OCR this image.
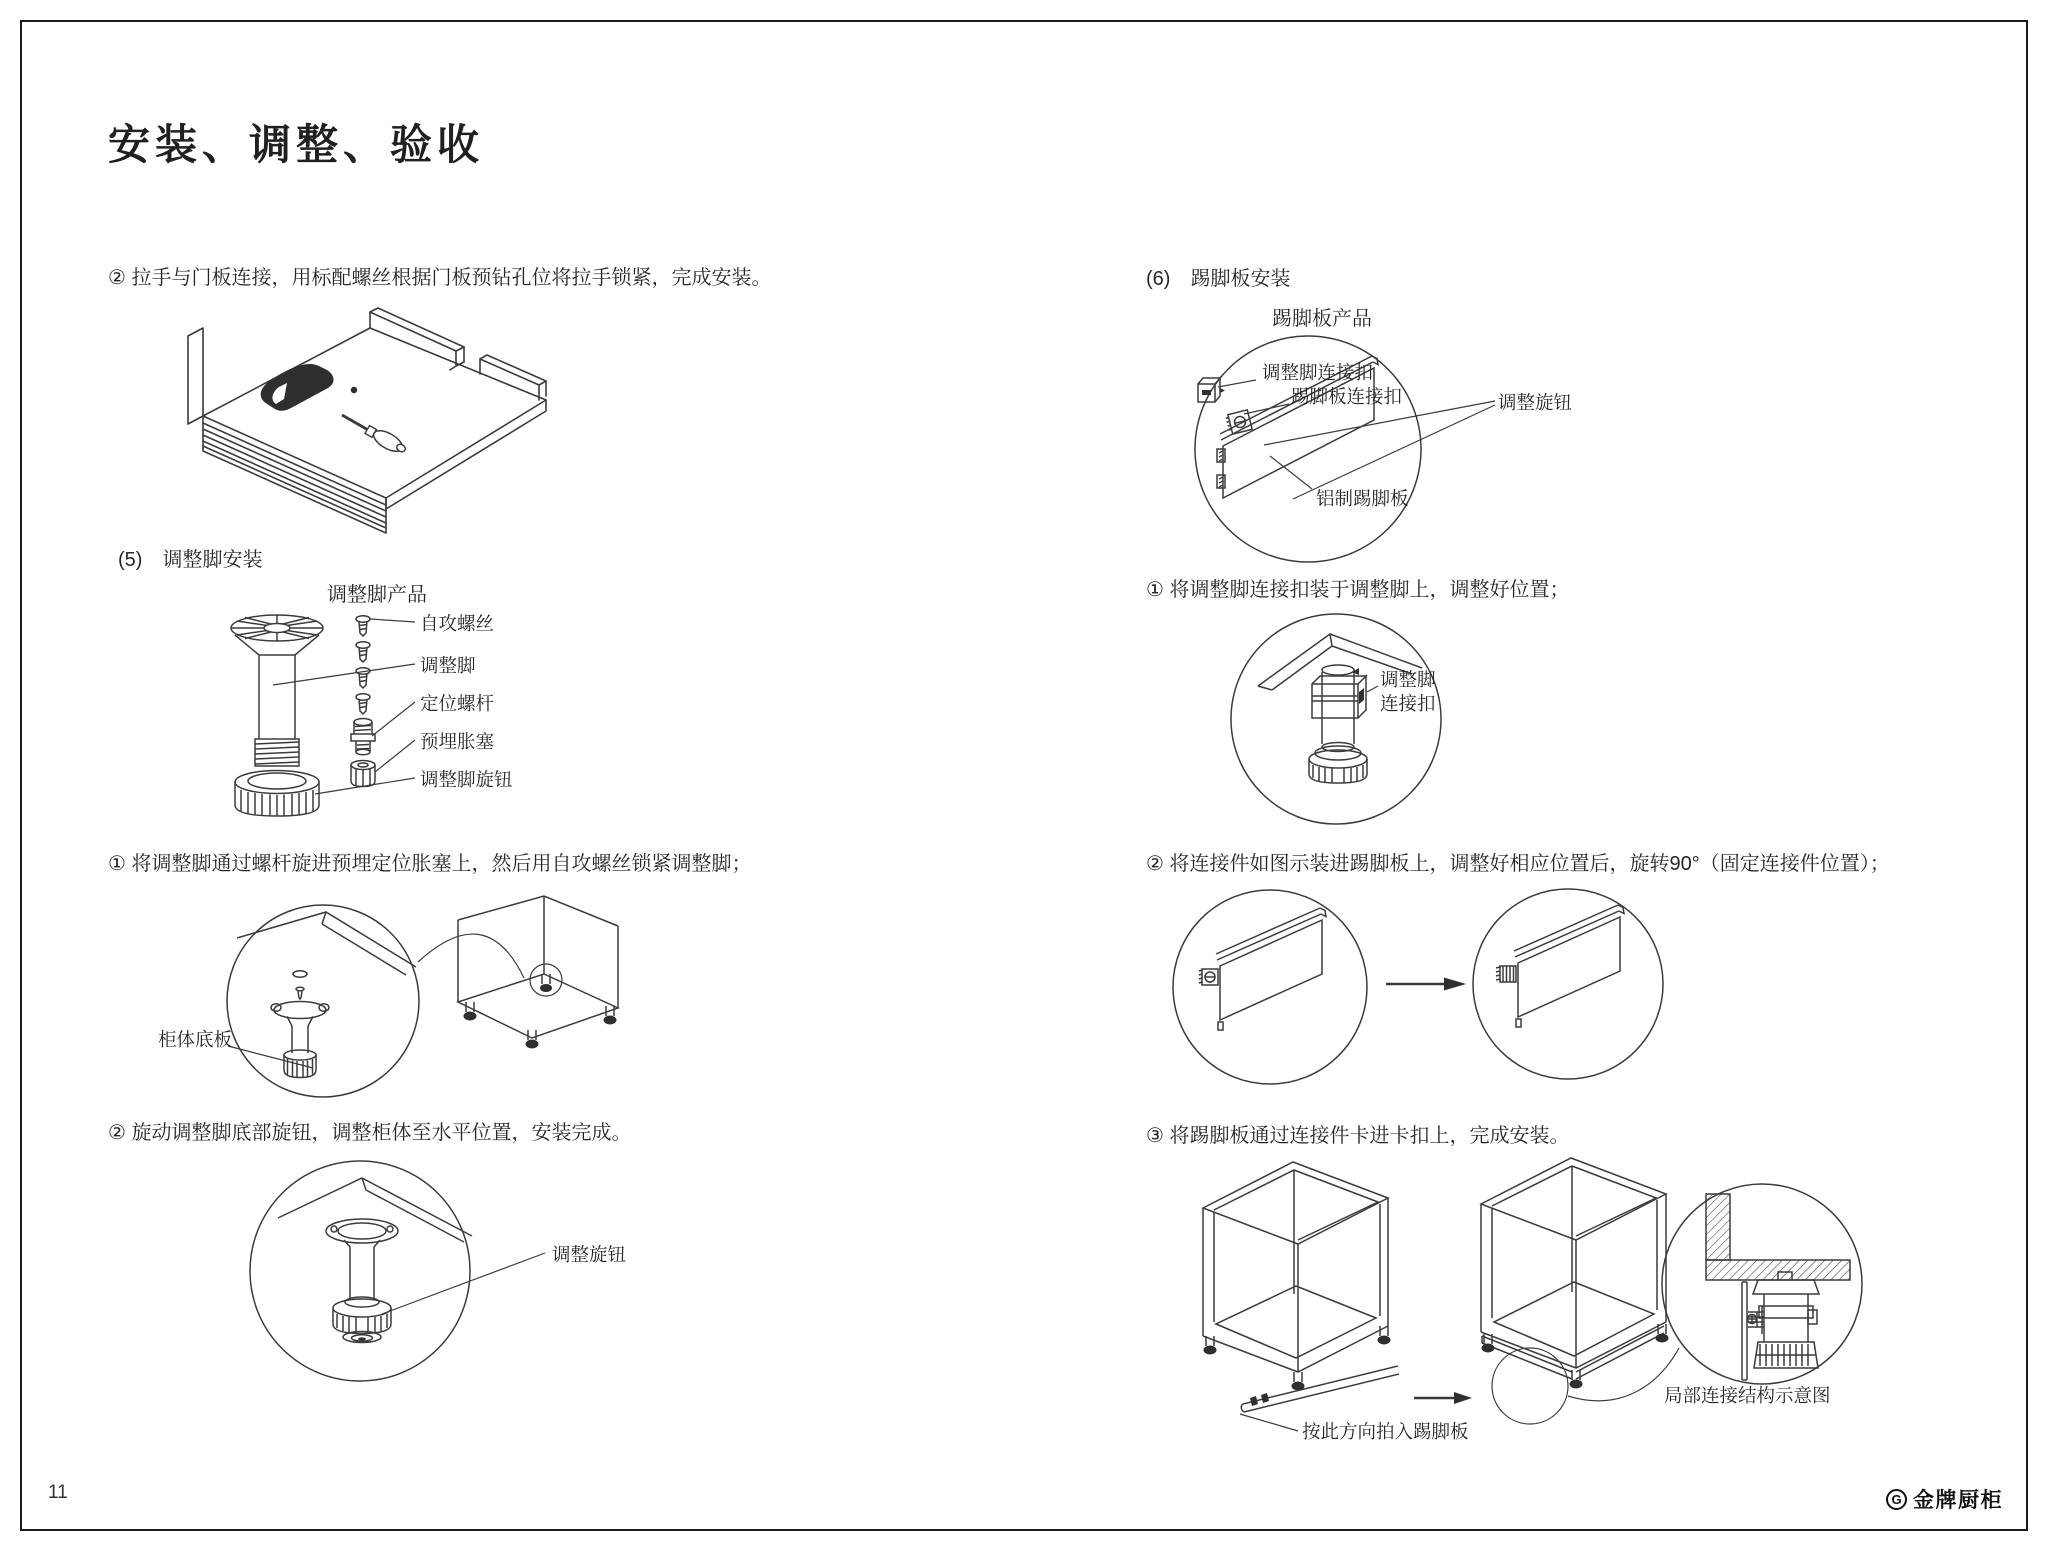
安装、调整、验收
② 拉手与门板连接，用标配螺丝根据门板预钻孔位将拉手锁紧，完成安装。
(5)　调整脚安装
调整脚产品
自攻螺丝
调整脚
定位螺杆
预埋胀塞
调整脚旋钮
① 将调整脚通过螺杆旋进预埋定位胀塞上，然后用自攻螺丝锁紧调整脚；
柜体底板
② 旋动调整脚底部旋钮，调整柜体至水平位置，安装完成。
调整旋钮
11
(6)　踢脚板安装
踢脚板产品
调整脚连接扣
踢脚板连接扣	调整旋钮
铝制踢脚板
① 将调整脚连接扣装于调整脚上，调整好位置；
调整脚
连接扣
② 将连接件如图示装进踢脚板上，调整好相应位置后，旋转90°（固定连接件位置）；
③ 将踢脚板通过连接件卡进卡扣上，完成安装。
按此方向拍入踢脚板
局部连接结构示意图
G 金牌厨柜
